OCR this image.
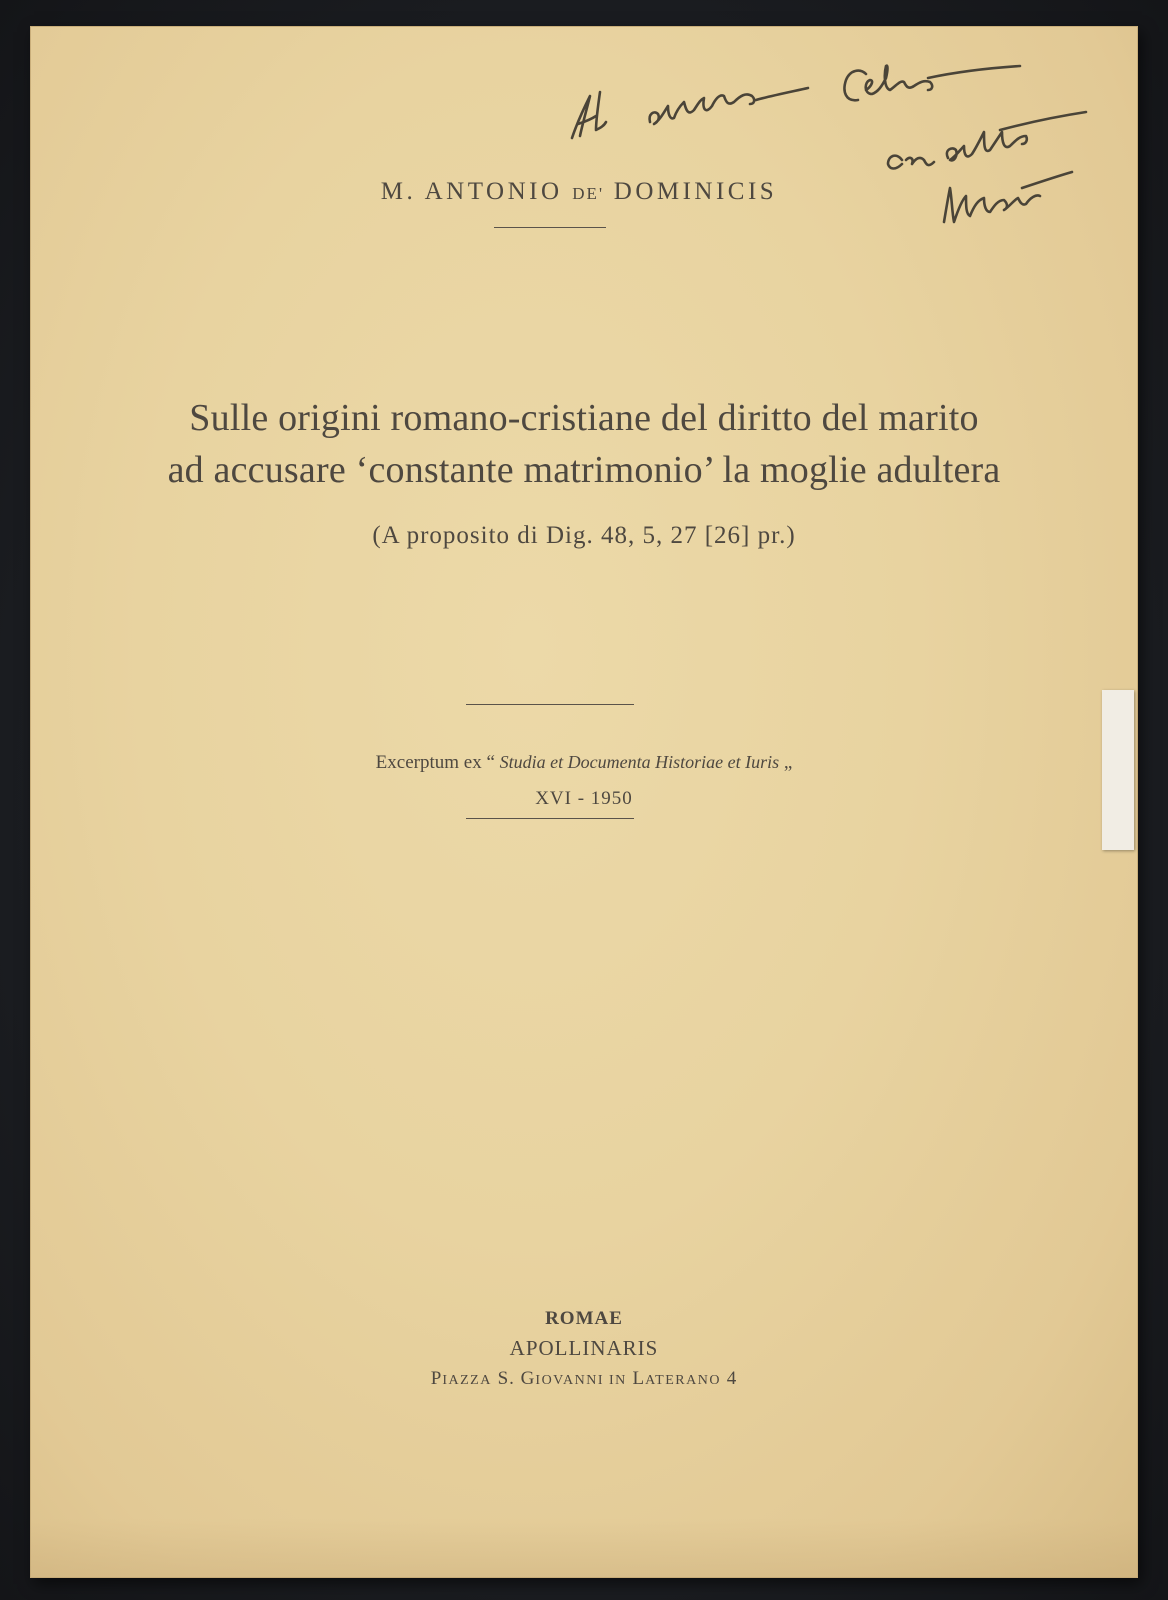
M. ANTONIO DE' DOMINICIS
Sulle origini romano-cristiane del diritto del marito
ad accusare ‘constante matrimonio’ la moglie adultera
(A proposito di Dig. 48, 5, 27 [26] pr.)
Excerptum ex “ Studia et Documenta Historiae et Iuris „
XVI - 1950
ROMAE
APOLLINARIS
PIAZZA S. GIOVANNI IN LATERANO 4
